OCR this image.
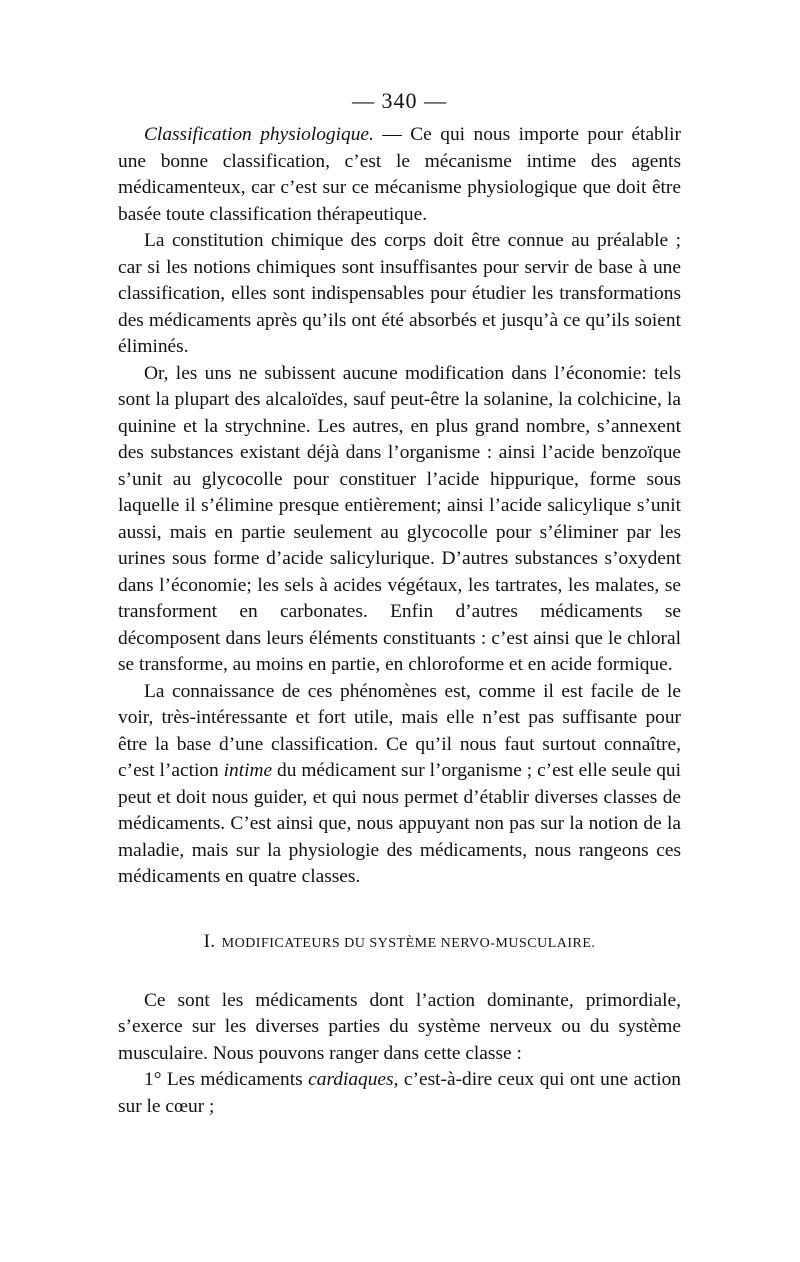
— 340 —

Classification physiologique. — Ce qui nous importe pour établir une bonne classification, c’est le mécanisme intime des agents médicamenteux, car c’est sur ce mécanisme physiologique que doit être basée toute classification thérapeutique.

La constitution chimique des corps doit être connue au préalable ; car si les notions chimiques sont insuffisantes pour servir de base à une classification, elles sont indispensables pour étudier les transformations des médicaments après qu’ils ont été absorbés et jusqu’à ce qu’ils soient éliminés.

Or, les uns ne subissent aucune modification dans l’économie: tels sont la plupart des alcaloïdes, sauf peut-être la solanine, la colchicine, la quinine et la strychnine. Les autres, en plus grand nombre, s’annexent des substances existant déjà dans l’organisme : ainsi l’acide benzoïque s’unit au glycocolle pour constituer l’acide hippurique, forme sous laquelle il s’élimine presque entièrement; ainsi l’acide salicylique s’unit aussi, mais en partie seulement au glycocolle pour s’éliminer par les urines sous forme d’acide salicylurique. D’autres substances s’oxydent dans l’économie; les sels à acides végétaux, les tartrates, les malates, se transforment en carbonates. Enfin d’autres médicaments se décomposent dans leurs éléments constituants : c’est ainsi que le chloral se transforme, au moins en partie, en chloroforme et en acide formique.

La connaissance de ces phénomènes est, comme il est facile de le voir, très-intéressante et fort utile, mais elle n’est pas suffisante pour être la base d’une classification. Ce qu’il nous faut surtout connaître, c’est l’action intime du médicament sur l’organisme ; c’est elle seule qui peut et doit nous guider, et qui nous permet d’établir diverses classes de médicaments. C’est ainsi que, nous appuyant non pas sur la notion de la maladie, mais sur la physiologie des médicaments, nous rangeons ces médicaments en quatre classes.

I. MODIFICATEURS DU SYSTÈME NERVO-MUSCULAIRE.

Ce sont les médicaments dont l’action dominante, primordiale, s’exerce sur les diverses parties du système nerveux ou du système musculaire. Nous pouvons ranger dans cette classe :

1° Les médicaments cardiaques, c’est-à-dire ceux qui ont une action sur le cœur ;
